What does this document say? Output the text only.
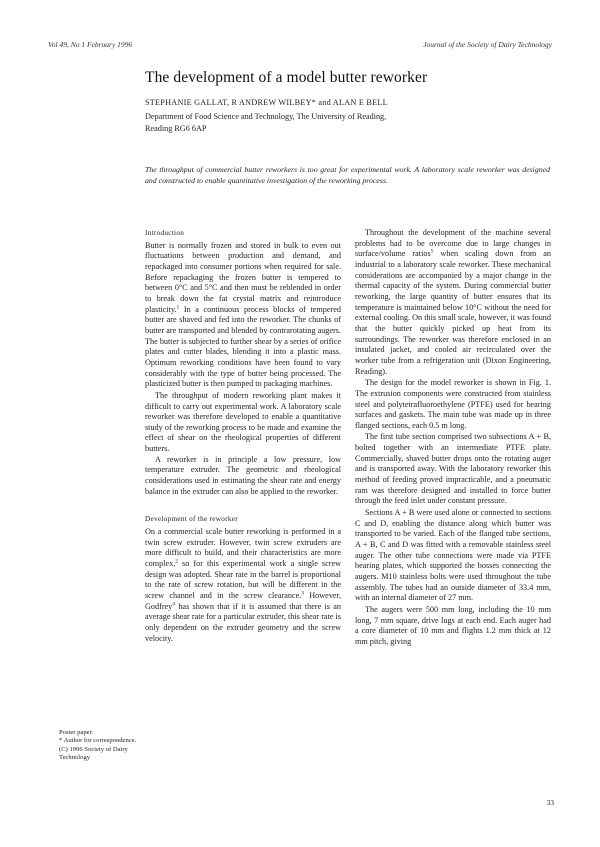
Vol 49, No 1 February 1996	Journal of the Society of Dairy Technology
The development of a model butter reworker
STEPHANIE GALLAT, R ANDREW WILBEY* and ALAN E BELL
Department of Food Science and Technology, The University of Reading,
Reading RG6 6AP

The throughput of commercial butter reworkers is too great for experimental work. A laboratory scale reworker was designed and constructed to enable quantitative investigation of the reworking process.

Introduction

Butter is normally frozen and stored in bulk to even out fluctuations between production and demand, and repackaged into consumer portions when required for sale. Before repackaging the frozen butter is tempered to between 0°C and 5°C and then must be reblended in order to break down the fat crystal matrix and reintroduce plasticity.$^1$ In a continuous process blocks of tempered butter are shaved and fed into the reworker. The chunks of butter are transported and blended by contrarotating augers. The butter is subjected to further shear by a series of orifice plates and cutter blades, blending it into a plastic mass. Optimum reworking conditions have been found to vary considerably with the type of butter being processed. The plasticized butter is then pumped to packaging machines.

The throughput of modern reworking plant makes it difficult to carry out experimental work. A laboratory scale reworker was therefore developed to enable a quantitative study of the reworking process to be made and examine the effect of shear on the rheological properties of different butters.

A reworker is in principle a low pressure, low temperature extruder. The geometric and rheological considerations used in estimating the shear rate and energy balance in the extruder can also be applied to the reworker.

Development of the reworker

On a commercial scale butter reworking is performed in a twin screw extruder. However, twin screw extruders are more difficult to build, and their characteristics are more complex,$^2$ so for this experimental work a single screw design was adopted. Shear rate in the barrel is proportional to the rate of screw rotation, but will be different in the screw channel and in the screw clearance.$^3$ However, Godfrey$^4$ has shown that if it is assumed that there is an average shear rate for a particular extruder, this shear rate is only dependent on the extruder geometry and the screw velocity.

Throughout the development of the machine several problems had to be overcome due to large changes in surface/volume ratios$^5$ when scaling down from an industrial to a laboratory scale reworker. These mechanical considerations are accompanied by a major change in the thermal capacity of the system. During commercial butter reworking, the large quantity of butter ensures that its temperature is maintained below 10°C without the need for external cooling. On this small scale, however, it was found that the butter quickly picked up heat from its surroundings. The reworker was therefore enclosed in an insulated jacket, and cooled air recirculated over the worker tube from a refrigeration unit (Dixon Engineering, Reading).

The design for the model reworker is shown in Fig. 1. The extrusion components were constructed from stainless steel and polytetrafluoroethylene (PTFE) used for bearing surfaces and gaskets. The main tube was made up in three flanged sections, each 0.5 m long.

The first tube section comprised two subsections A + B, bolted together with an intermediate PTFE plate. Commercially, shaved butter drops onto the rotating auger and is transported away. With the laboratory reworker this method of feeding proved impracticable, and a pneumatic ram was therefore designed and installed to force butter through the feed inlet under constant pressure.

Sections A + B were used alone or connected to sections C and D, enabling the distance along which butter was transported to be varied. Each of the flanged tube sections, A + B, C and D was fitted with a removable stainless steel auger. The other tube connections were made via PTFE bearing plates, which supported the bosses connecting the augers. M10 stainless bolts were used throughout the tube assembly. The tubes had an outside diameter of 33.4 mm, with an internal diameter of 27 mm.

The augers were 500 mm long, including the 10 mm long, 7 mm square, drive lugs at each end. Each auger had a core diameter of 10 mm and flights 1.2 mm thick at 12 mm pitch, giving

Poster paper.
* Author for correspondence.
(C) 1996 Society of Dairy Technology
33
